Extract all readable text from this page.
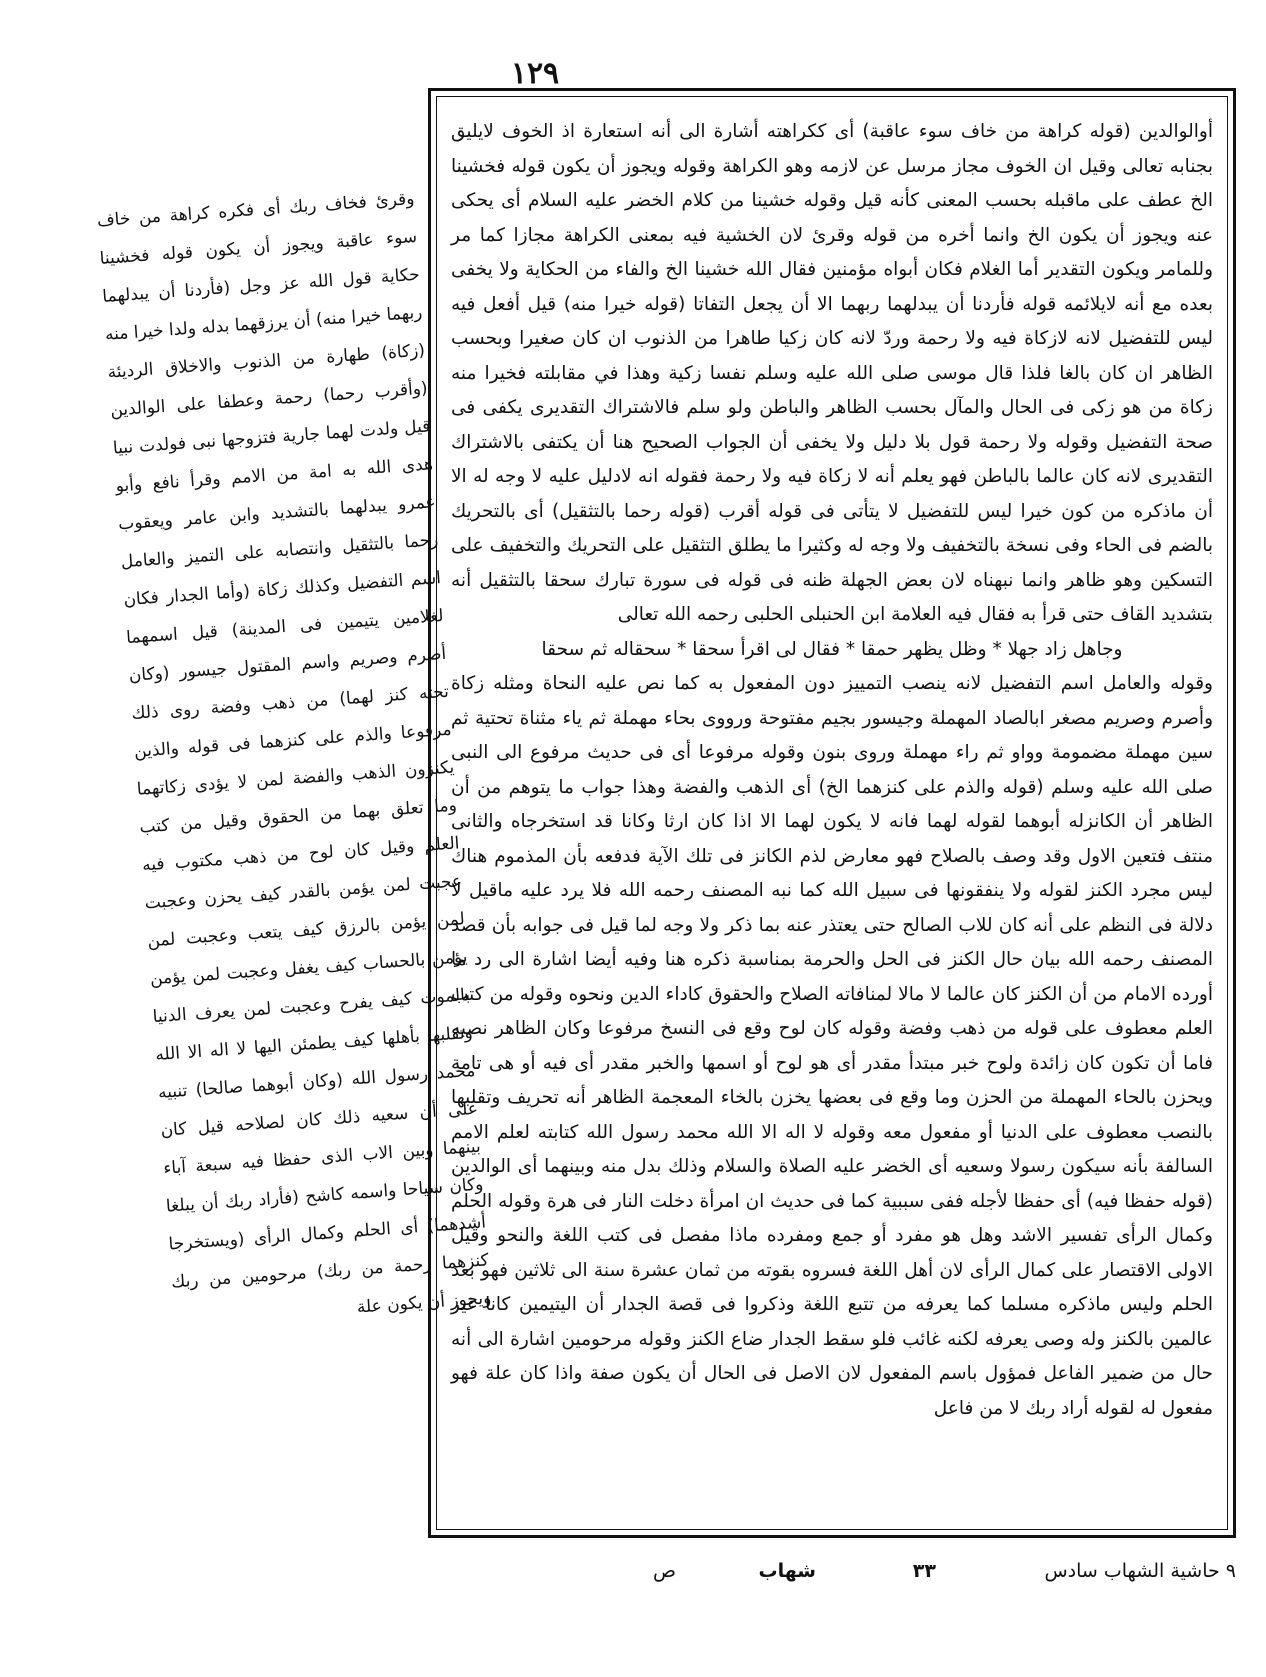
١٢٩

أوالوالدين (قوله كراهة من خاف سوء عاقبة) أى ككراهته أشارة الى أنه استعارة اذ الخوف لايليق بجنابه تعالى وقيل ان الخوف مجاز مرسل عن لازمه وهو الكراهة وقوله ويجوز أن يكون قوله فخشينا الخ عطف على ماقبله بحسب المعنى كأنه قيل وقوله خشينا من كلام الخضر عليه السلام أى يحكى عنه ويجوز أن يكون الخ وانما أخره من قوله وقرئ لان الخشية فيه بمعنى الكراهة مجازا كما مر وللمامر ويكون التقدير أما الغلام فكان أبواه مؤمنين فقال الله خشينا الخ والفاء من الحكاية ولا يخفى بعده مع أنه لايلائمه قوله فأردنا أن يبدلهما ربهما الا أن يجعل التفاتا (قوله خيرا منه) قيل أفعل فيه ليس للتفضيل لانه لازكاة فيه ولا رحمة وردّ لانه كان زكيا طاهرا من الذنوب ان كان صغيرا وبحسب الظاهر ان كان بالغا فلذا قال موسى صلى الله عليه وسلم نفسا زكية وهذا في مقابلته فخيرا منه زكاة من هو زكى فى الحال والمآل بحسب الظاهر والباطن ولو سلم فالاشتراك التقديرى يكفى فى صحة التفضيل وقوله ولا رحمة قول بلا دليل ولا يخفى أن الجواب الصحيح هنا أن يكتفى بالاشتراك التقديرى لانه كان عالما بالباطن فهو يعلم أنه لا زكاة فيه ولا رحمة فقوله انه لادليل عليه لا وجه له الا أن ماذكره من كون خيرا ليس للتفضيل لا يتأتى فى قوله أقرب (قوله رحما بالتثقيل) أى بالتحريك بالضم فى الحاء وفى نسخة بالتخفيف ولا وجه له وكثيرا ما يطلق التثقيل على التحريك والتخفيف على التسكين وهو ظاهر وانما نبهناه لان بعض الجهلة ظنه فى قوله فى سورة تبارك سحقا بالتثقيل أنه بتشديد القاف حتى قرأ به فقال فيه العلامة ابن الحنبلى الحلبى رحمه الله تعالى

وجاهل زاد جهلا * وظل يظهر حمقا * فقال لى اقرأ سحقا * سحقاله ثم سحقا

وقوله والعامل اسم التفضيل لانه ينصب التمييز دون المفعول به كما نص عليه النحاة ومثله زكاة وأصرم وصريم مصغر ابالصاد المهملة وجيسور بجيم مفتوحة ورووى بحاء مهملة ثم ياء مثناة تحتية ثم سين مهملة مضمومة وواو ثم راء مهملة وروى بنون وقوله مرفوعا أى فى حديث مرفوع الى النبى صلى الله عليه وسلم (قوله والذم على كنزهما الخ) أى الذهب والفضة وهذا جواب ما يتوهم من أن الظاهر أن الكانزله أبوهما لقوله لهما فانه لا يكون لهما الا اذا كان ارثا وكانا قد استخرجاه والثانى منتف فتعين الاول وقد وصف بالصلاح فهو معارض لذم الكانز فى تلك الآية فدفعه بأن المذموم هناك ليس مجرد الكنز لقوله ولا ينفقونها فى سبيل الله كما نبه المصنف رحمه الله فلا يرد عليه ماقيل لا دلالة فى النظم على أنه كان للاب الصالح حتى يعتذر عنه بما ذكر ولا وجه لما قيل فى جوابه بأن قصد المصنف رحمه الله بيان حال الكنز فى الحل والحرمة بمناسبة ذكره هنا وفيه أيضا اشارة الى رد ما أورده الامام من أن الكنز كان عالما لا مالا لمنافاته الصلاح والحقوق كاداء الدين ونحوه وقوله من كتب العلم معطوف على قوله من ذهب وفضة وقوله كان لوح وقع فى النسخ مرفوعا وكان الظاهر نصبه فاما أن تكون كان زائدة ولوح خبر مبتدأ مقدر أى هو لوح أو اسمها والخبر مقدر أى فيه أو هى تامة ويحزن بالحاء المهملة من الحزن وما وقع فى بعضها يخزن بالخاء المعجمة الظاهر أنه تحريف وتقلبها بالنصب معطوف على الدنيا أو مفعول معه وقوله لا اله الا الله محمد رسول الله كتابته لعلم الامم السالفة بأنه سيكون رسولا وسعيه أى الخضر عليه الصلاة والسلام وذلك بدل منه وبينهما أى الوالدين (قوله حفظا فيه) أى حفظا لأجله ففى سببية كما فى حديث ان امرأة دخلت النار فى هرة وقوله الحلم وكمال الرأى تفسير الاشد وهل هو مفرد أو جمع ومفرده ماذا مفصل فى كتب اللغة والنحو وقيل الاولى الاقتصار على كمال الرأى لان أهل اللغة فسروه بقوته من ثمان عشرة سنة الى ثلاثين فهو بعد الحلم وليس ماذكره مسلما كما يعرفه من تتبع اللغة وذكروا فى قصة الجدار أن اليتيمين كانا غير عالمين بالكنز وله وصى يعرفه لكنه غائب فلو سقط الجدار ضاع الكنز وقوله مرحومين اشارة الى أنه حال من ضمير الفاعل فمؤول باسم المفعول لان الاصل فى الحال أن يكون صفة واذا كان علة فهو مفعول له لقوله أراد ربك لا من فاعل

وقرئ فخاف ربك أى فكره كراهة من خاف سوء عاقبة ويجوز أن يكون قوله فخشينا حكاية قول الله عز وجل (فأردنا أن يبدلهما ربهما خيرا منه) أن يرزقهما بدله ولدا خيرا منه (زكاة) طهارة من الذنوب والاخلاق الرديئة (وأقرب رحما) رحمة وعطفا على الوالدين قيل ولدت لهما جارية فتزوجها نبى فولدت نبيا هدى الله به امة من الامم وقرأ نافع وأبو عمرو يبدلهما بالتشديد وابن عامر ويعقوب رحما بالتثقيل وانتصابه على التميز والعامل اسم التفضيل وكذلك زكاة (وأما الجدار فكان لغلامين يتيمين فى المدينة) قيل اسمهما أصرم وصريم واسم المقتول جيسور (وكان تحته كنز لهما) من ذهب وفضة روى ذلك مرفوعا والذم على كنزهما فى قوله والذين يكنزون الذهب والفضة لمن لا يؤدى زكاتهما وما تعلق بهما من الحقوق وقيل من كتب العلم وقيل كان لوح من ذهب مكتوب فيه عجبت لمن يؤمن بالقدر كيف يحزن وعجبت لمن يؤمن بالرزق كيف يتعب وعجبت لمن يؤمن بالحساب كيف يغفل وعجبت لمن يؤمن بالموت كيف يفرح وعجبت لمن يعرف الدنيا وتقلبها بأهلها كيف يطمئن اليها لا اله الا الله محمد رسول الله (وكان أبوهما صالحا) تنبيه على أن سعيه ذلك كان لصلاحه قيل كان بينهما وبين الاب الذى حفظا فيه سبعة آباء وكان سياحا واسمه كاشح (فأراد ربك أن يبلغا أشدهما) أى الحلم وكمال الرأى (ويستخرجا كنزهما رحمة من ربك) مرحومين من ربك ويجوز أن يكون علة

٩ حاشية الشهاب سادس
٣٣
شهاب
ص
